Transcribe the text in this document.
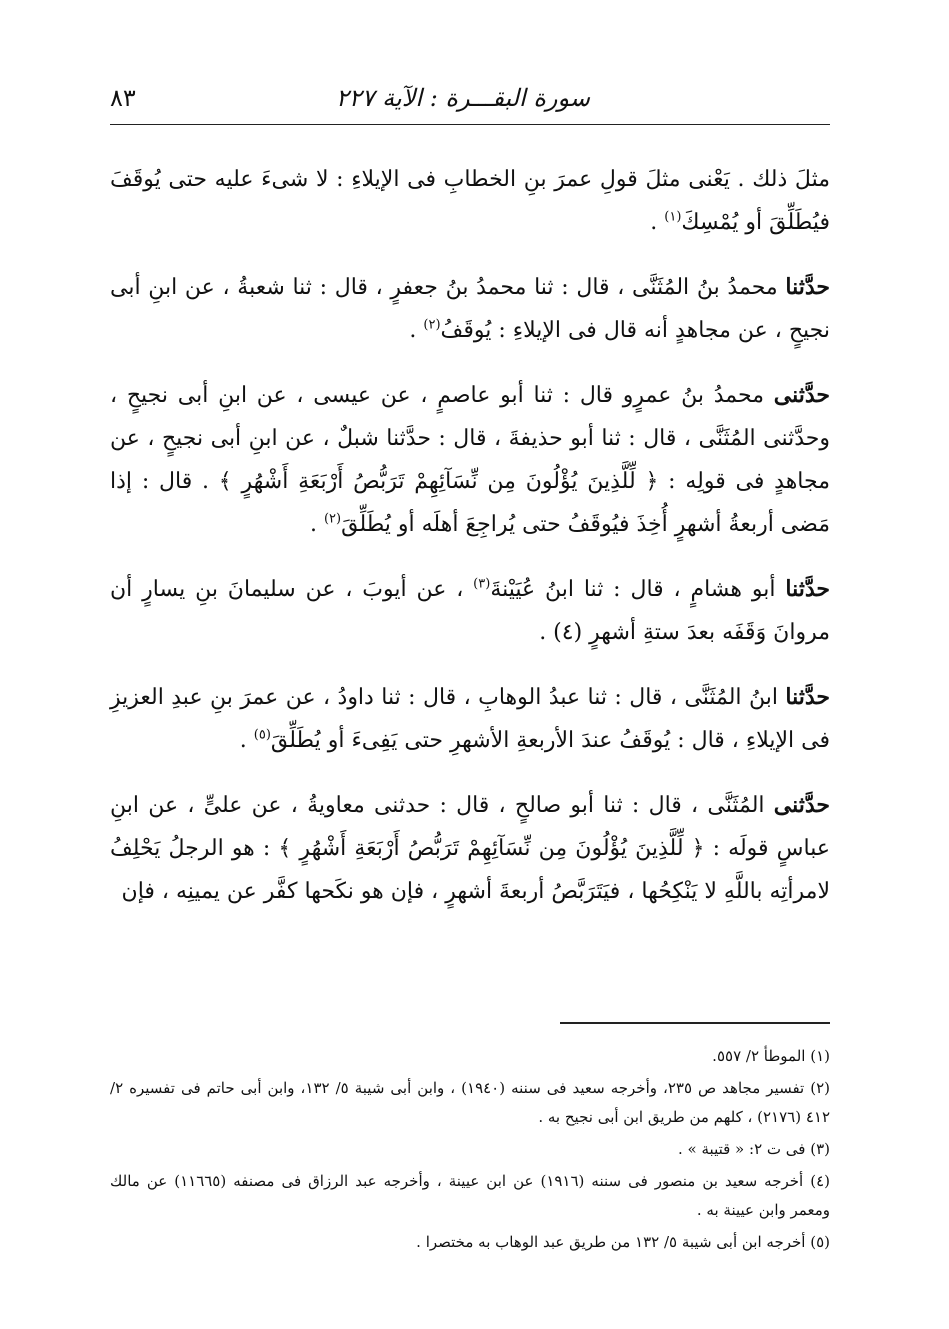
سورة البقـــرة : الآية ٢٢٧
٨٣

مثلَ ذلك . يَعْنى مثلَ قولِ عمرَ بنِ الخطابِ فى الإيلاءِ : لا شىءَ عليه حتى يُوقَفَ فيُطَلِّقَ أو يُمْسِكَ$^{(١)}$ .

حدَّثنا محمدُ بنُ المُثَنَّى ، قال : ثنا محمدُ بنُ جعفرٍ ، قال : ثنا شعبةُ ، عن ابنِ أبى نجيحٍ ، عن مجاهدٍ أنه قال فى الإيلاءِ : يُوقَفُ$^{(٢)}$ .

حدَّثنى محمدُ بنُ عمرٍو قال : ثنا أبو عاصمٍ ، عن عيسى ، عن ابنِ أبى نجيحٍ ، وحدَّثنى المُثَنَّى ، قال : ثنا أبو حذيفةَ ، قال : حدَّثنا شبلٌ ، عن ابنِ أبى نجيحٍ ، عن مجاهدٍ فى قولِه : ﴿ لِّلَّذِينَ يُؤْلُونَ مِن نِّسَآئِهِمْ تَرَبُّصُ أَرْبَعَةِ أَشْهُرٍ ﴾ . قال : إذا مَضى أربعةُ أشهرٍ أُخِذَ فيُوقَفُ حتى يُراجِعَ أهلَه أو يُطَلِّقَ$^{(٢)}$ .

حدَّثنا أبو هشامٍ ، قال : ثنا ابنُ عُيَيْنةَ$^{(٣)}$ ، عن أيوبَ ، عن سليمانَ بنِ يسارٍ أن مروانَ وَقَفَه بعدَ ستةِ أشهرٍ (٤) .

حدَّثنا ابنُ المُثَنَّى ، قال : ثنا عبدُ الوهابِ ، قال : ثنا داودُ ، عن عمرَ بنِ عبدِ العزيزِ فى الإيلاءِ ، قال : يُوقَفُ عندَ الأربعةِ الأشهرِ حتى يَفِىءَ أو يُطَلِّقَ$^{(٥)}$ .

حدَّثنى المُثَنَّى ، قال : ثنا أبو صالحٍ ، قال : حدثنى معاويةُ ، عن علىٍّ ، عن ابنِ عباسٍ قولَه : ﴿ لِّلَّذِينَ يُؤْلُونَ مِن نِّسَآئِهِمْ تَرَبُّصُ أَرْبَعَةِ أَشْهُرٍ ﴾ : هو الرجلُ يَحْلِفُ لامرأتِه باللَّهِ لا يَنْكِحُها ، فيَتَرَبَّصُ أربعةَ أشهرٍ ، فإن هو نكَحها كفَّر عن يمينِه ، فإن

(١) الموطأ ٢/ ٥٥٧.

(٢) تفسير مجاهد ص ٢٣٥، وأخرجه سعيد فى سننه (١٩٤٠) ، وابن أبى شيبة ٥/ ١٣٢، وابن أبى حاتم فى تفسيره ٢/ ٤١٢ (٢١٧٦) ، كلهم من طريق ابن أبى نجيح به .

(٣) فى ت ٢: « قتيبة » .

(٤) أخرجه سعيد بن منصور فى سننه (١٩١٦) عن ابن عيينة ، وأخرجه عبد الرزاق فى مصنفه (١١٦٦٥) عن مالك ومعمر وابن عيينة به .

(٥) أخرجه ابن أبى شيبة ٥/ ١٣٢ من طريق عبد الوهاب به مختصرا .
